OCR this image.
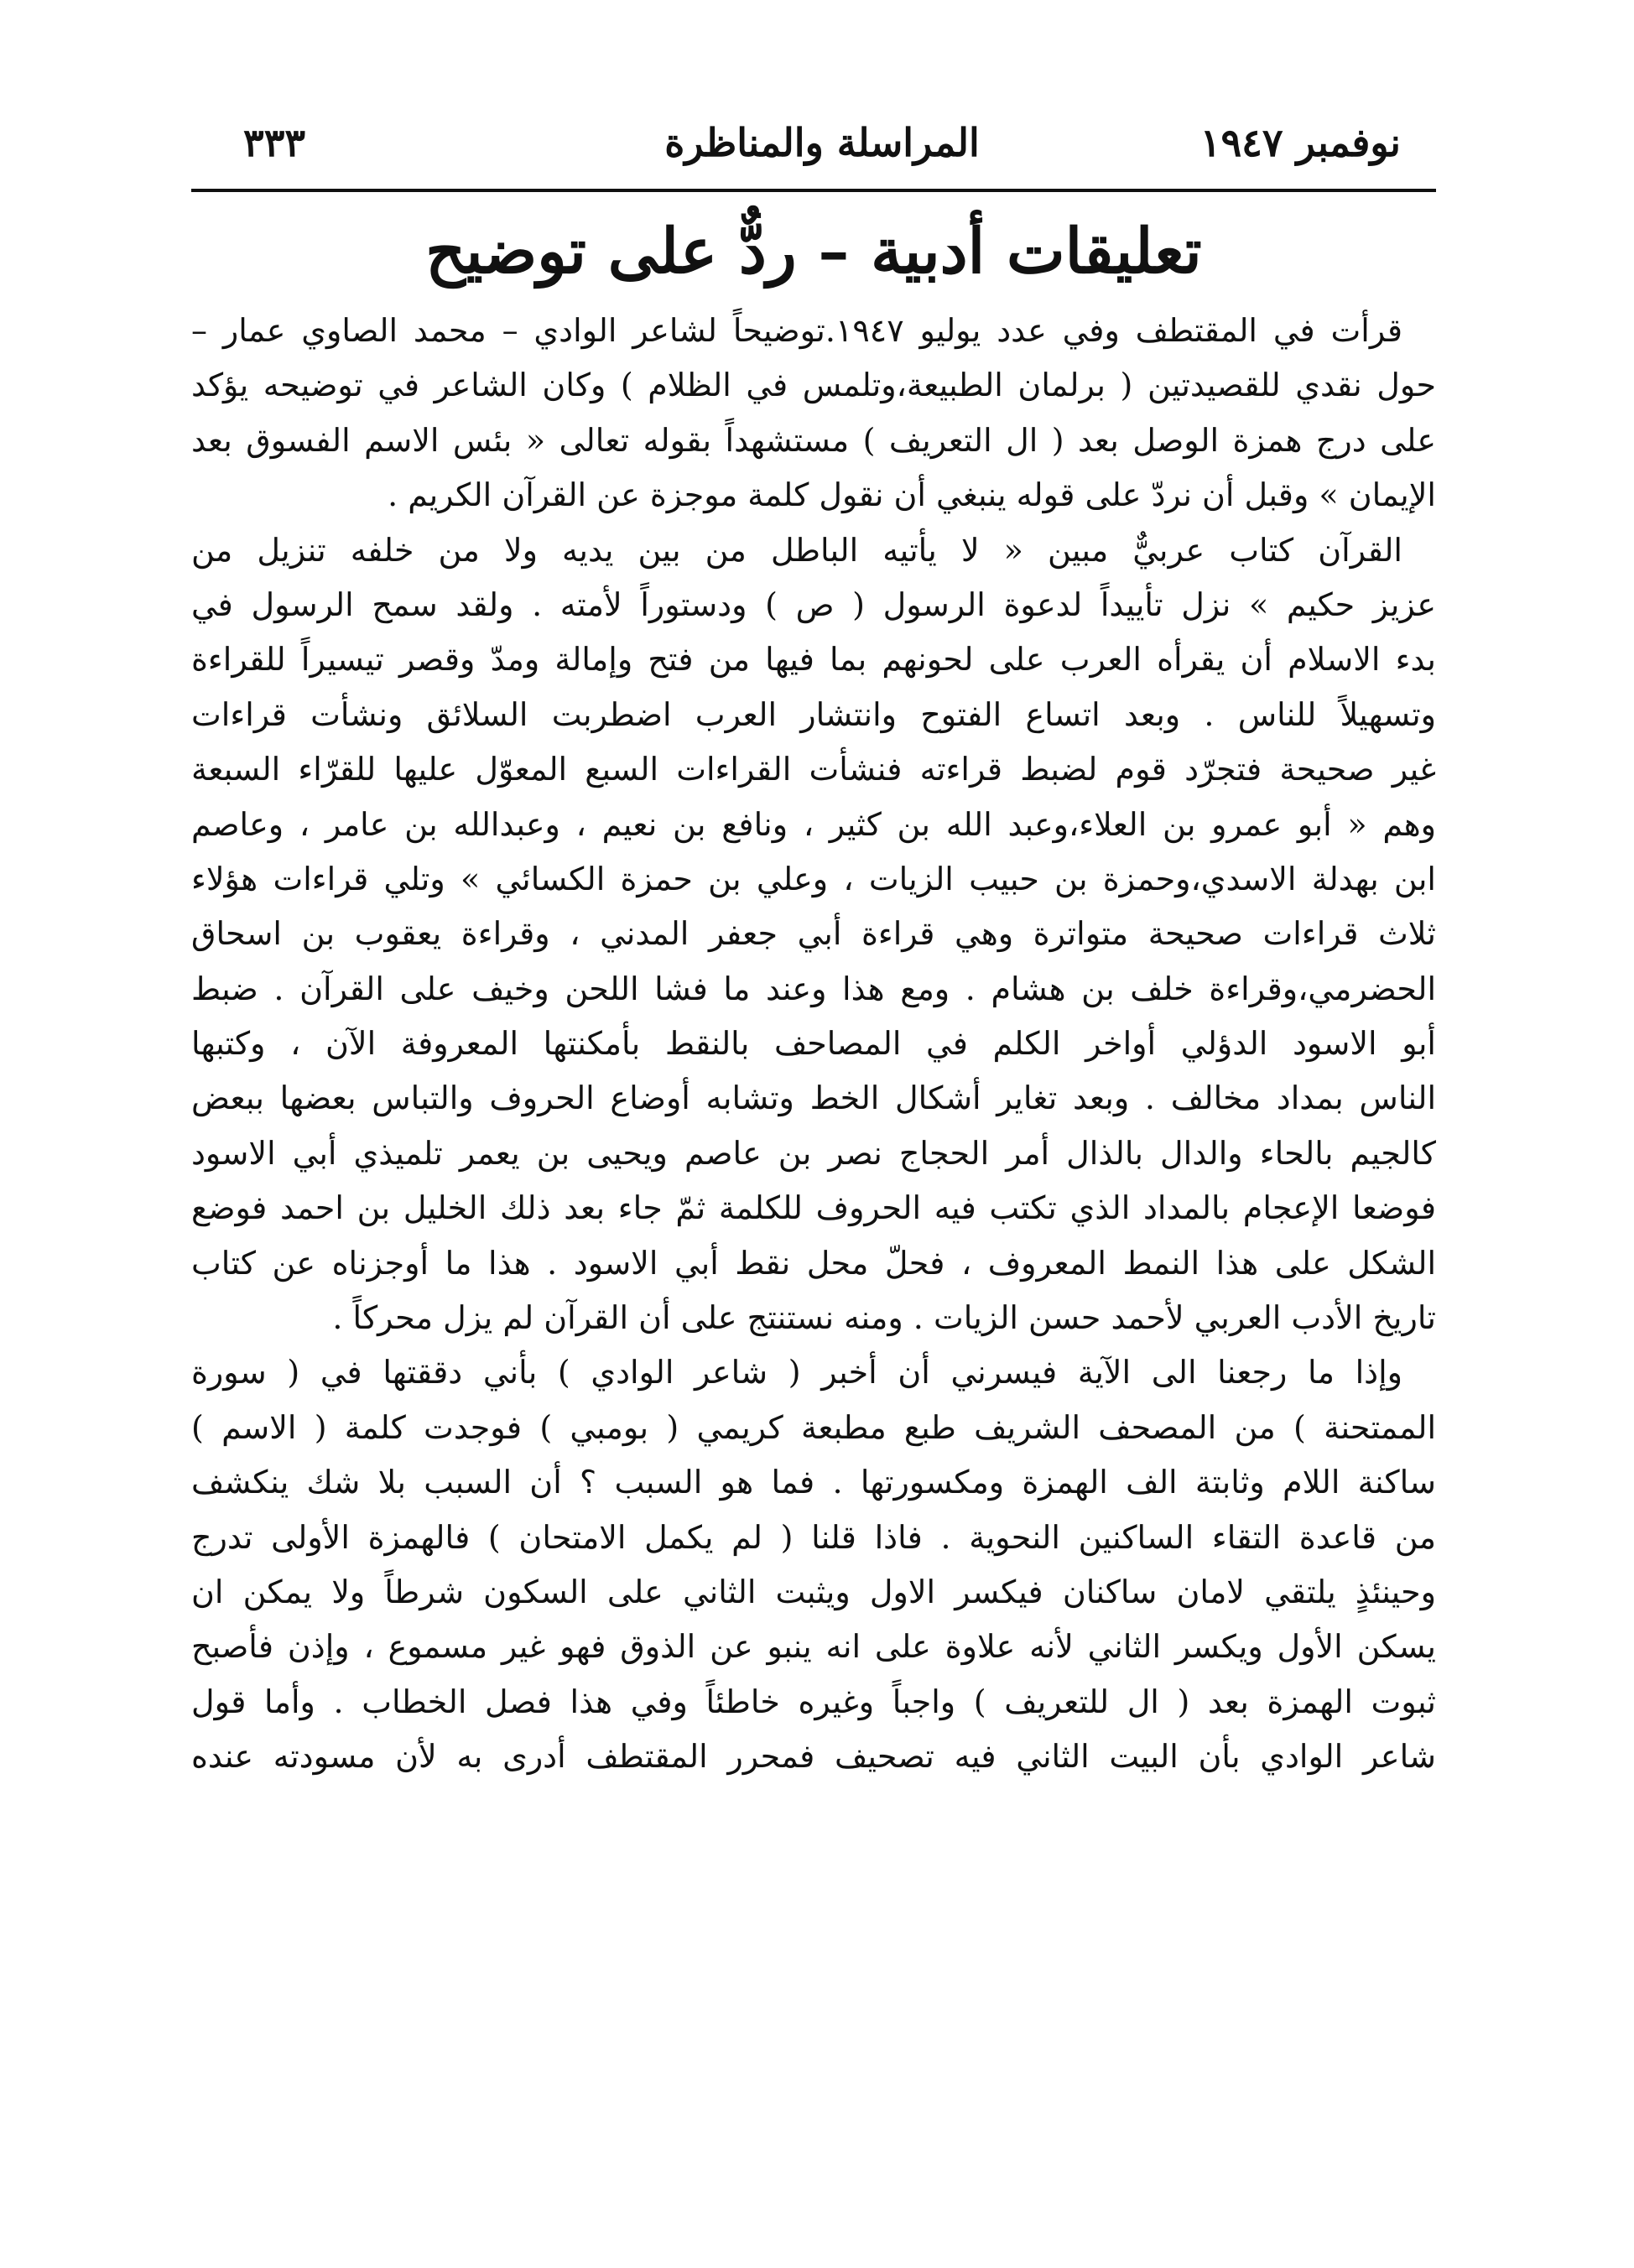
٣٣٣	المراسلة والمناظرة	نوفمبر ١٩٤٧
تعليقات أدبية – ردٌّ على توضيح
قرأت في المقتطف وفي عدد يوليو ١٩٤٧.توضيحاً لشاعر الوادي – محمد الصاوي عمار –
حول نقدي للقصيدتين ( برلمان الطبيعة،وتلمس في الظلام ) وكان الشاعر في توضيحه يؤكد
على درج همزة الوصل بعد ( ال التعريف ) مستشهداً بقوله تعالى « بئس الاسم الفسوق بعد
الإيمان » وقبل أن نردّ على قوله ينبغي أن نقول كلمة موجزة عن القرآن الكريم .
القرآن كتاب عربيٌّ مبين « لا يأتيه الباطل من بين يديه ولا من خلفه تنزيل من
عزيز حكيم » نزل تأييداً لدعوة الرسول ( ص ) ودستوراً لأمته . ولقد سمح الرسول في
بدء الاسلام أن يقرأه العرب على لحونهم بما فيها من فتح وإمالة ومدّ وقصر تيسيراً للقراءة
وتسهيلاً للناس . وبعد اتساع الفتوح وانتشار العرب اضطربت السلائق ونشأت قراءات
غير صحيحة فتجرّد قوم لضبط قراءته فنشأت القراءات السبع المعوّل عليها للقرّاء السبعة
وهم « أبو عمرو بن العلاء،وعبد الله بن كثير ، ونافع بن نعيم ، وعبدالله بن عامر ، وعاصم
ابن بهدلة الاسدي،وحمزة بن حبيب الزيات ، وعلي بن حمزة الكسائي » وتلي قراءات هؤلاء
ثلاث قراءات صحيحة متواترة وهي قراءة أبي جعفر المدني ، وقراءة يعقوب بن اسحاق
الحضرمي،وقراءة خلف بن هشام . ومع هذا وعند ما فشا اللحن وخيف على القرآن . ضبط
أبو الاسود الدؤلي أواخر الكلم في المصاحف بالنقط بأمكنتها المعروفة الآن ، وكتبها
الناس بمداد مخالف . وبعد تغاير أشكال الخط وتشابه أوضاع الحروف والتباس بعضها ببعض
كالجيم بالحاء والدال بالذال أمر الحجاج نصر بن عاصم ويحيى بن يعمر تلميذي أبي الاسود
فوضعا الإعجام بالمداد الذي تكتب فيه الحروف للكلمة ثمّ جاء بعد ذلك الخليل بن احمد فوضع
الشكل على هذا النمط المعروف ، فحلّ محل نقط أبي الاسود . هذا ما أوجزناه عن كتاب
تاريخ الأدب العربي لأحمد حسن الزيات . ومنه نستنتج على أن القرآن لم يزل محركاً .
وإذا ما رجعنا الى الآية فيسرني أن أخبر ( شاعر الوادي ) بأني دققتها في ( سورة
الممتحنة ) من المصحف الشريف طبع مطبعة كريمي ( بومبي ) فوجدت كلمة ( الاسم )
ساكنة اللام وثابتة الف الهمزة ومكسورتها . فما هو السبب ؟ أن السبب بلا شك ينكشف
من قاعدة التقاء الساكنين النحوية . فاذا قلنا ( لم يكمل الامتحان ) فالهمزة الأولى تدرج
وحينئذٍ يلتقي لامان ساكنان فيكسر الاول ويثبت الثاني على السكون شرطاً ولا يمكن ان
يسكن الأول ويكسر الثاني لأنه علاوة على انه ينبو عن الذوق فهو غير مسموع ، وإذن فأصبح
ثبوت الهمزة بعد ( ال للتعريف ) واجباً وغيره خاطئاً وفي هذا فصل الخطاب . وأما قول
شاعر الوادي بأن البيت الثاني فيه تصحيف فمحرر المقتطف أدرى به لأن مسودته عنده
